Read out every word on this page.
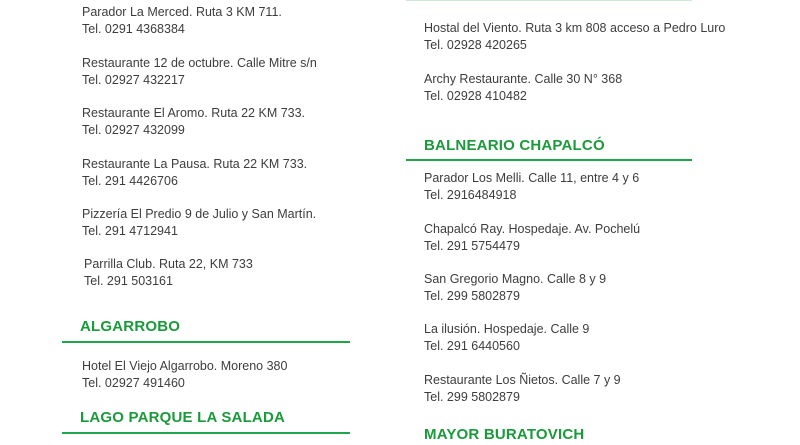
Parador La Merced. Ruta 3 KM 711.
Tel. 0291 4368384
Restaurante 12 de octubre. Calle Mitre s/n
Tel. 02927 432217
Restaurante El Aromo. Ruta 22 KM 733.
Tel. 02927 432099
Restaurante La Pausa. Ruta 22 KM 733.
Tel. 291 4426706
Pizzería El Predio 9 de Julio y San Martín.
Tel. 291 4712941
Parrilla Club. Ruta 22, KM 733
Tel. 291 503161
ALGARROBO
Hotel El Viejo Algarrobo. Moreno 380
Tel. 02927 491460
LAGO PARQUE LA SALADA
Hostal del Viento. Ruta 3 km 808 acceso a Pedro Luro
Tel. 02928 420265
Archy Restaurante. Calle 30 N° 368
Tel. 02928 410482
BALNEARIO CHAPALCÓ
Parador Los Melli. Calle 11, entre 4 y 6
Tel. 2916484918
Chapalcó Ray. Hospedaje. Av. Pochelú
Tel. 291 5754479
San Gregorio Magno. Calle 8 y 9
Tel. 299 5802879
La ilusión. Hospedaje. Calle 9
Tel. 291 6440560
Restaurante Los Ñietos. Calle 7 y 9
Tel. 299 5802879
MAYOR BURATOVICH
